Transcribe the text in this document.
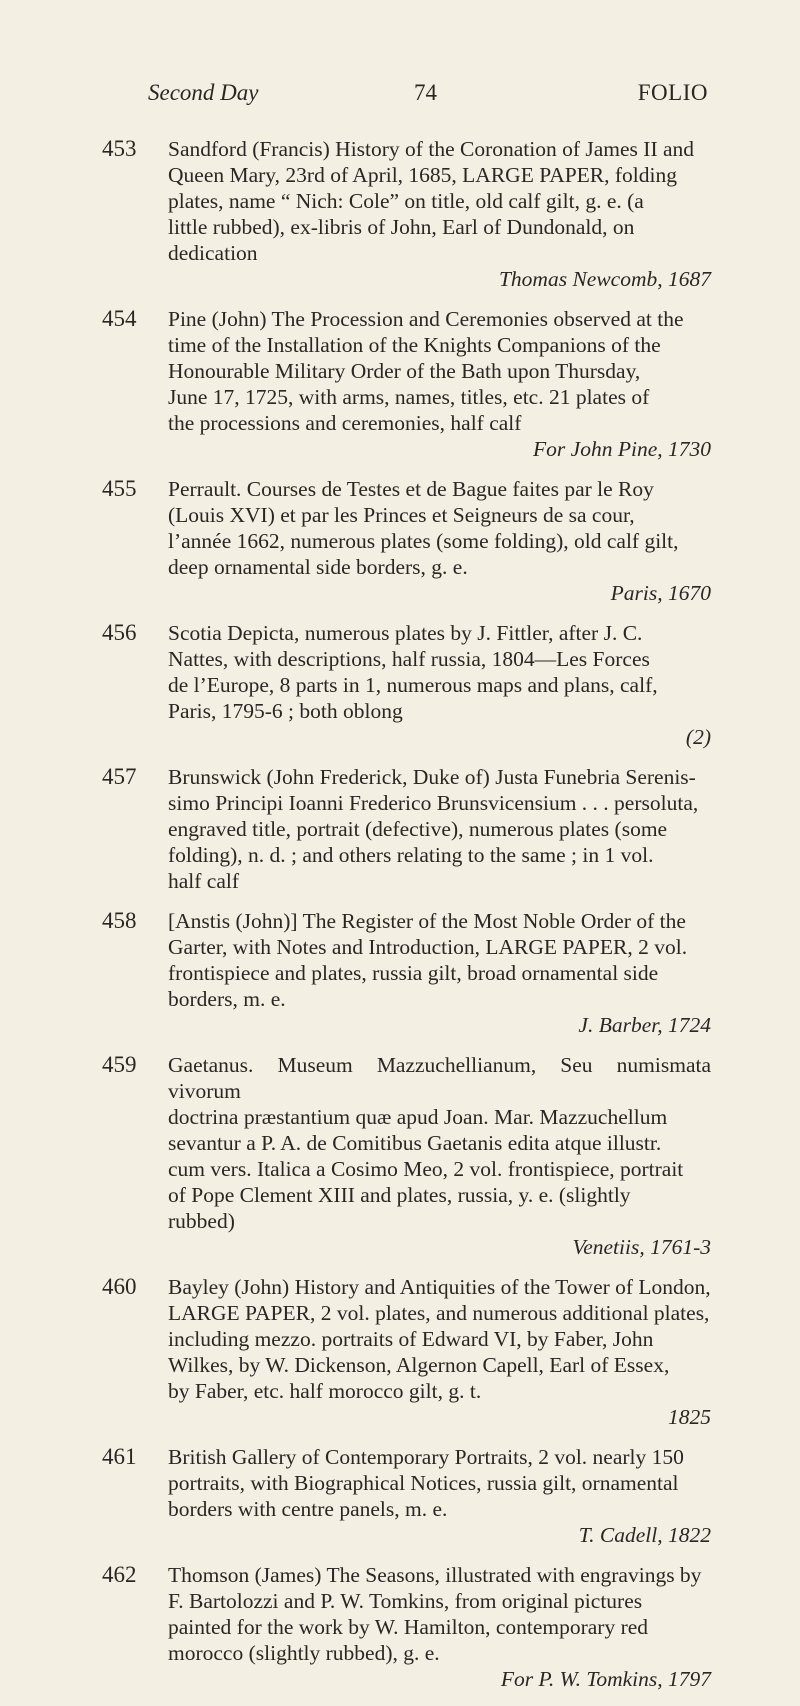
Second Day	74	FOLIO
453 Sandford (Francis) History of the Coronation of James II and
Queen Mary, 23rd of April, 1685, LARGE PAPER, folding
plates, name “ Nich: Cole” on title, old calf gilt, g. e. (a
little rubbed), ex-libris of John, Earl of Dundonald, on
dedication
Thomas Newcomb, 1687
454 Pine (John) The Procession and Ceremonies observed at the
time of the Installation of the Knights Companions of the
Honourable Military Order of the Bath upon Thursday,
June 17, 1725, with arms, names, titles, etc. 21 plates of
the processions and ceremonies, half calf
For John Pine, 1730
455 Perrault. Courses de Testes et de Bague faites par le Roy
(Louis XVI) et par les Princes et Seigneurs de sa cour,
l’année 1662, numerous plates (some folding), old calf gilt,
deep ornamental side borders, g. e.
Paris, 1670
456 Scotia Depicta, numerous plates by J. Fittler, after J. C.
Nattes, with descriptions, half russia, 1804—Les Forces
de l’Europe, 8 parts in 1, numerous maps and plans, calf,
Paris, 1795-6 ; both oblong
(2)
457 Brunswick (John Frederick, Duke of) Justa Funebria Serenis-
simo Principi Ioanni Frederico Brunsvicensium . . . persoluta,
engraved title, portrait (defective), numerous plates (some
folding), n. d. ; and others relating to the same ; in 1 vol.
half calf
458 [Anstis (John)] The Register of the Most Noble Order of the
Garter, with Notes and Introduction, LARGE PAPER, 2 vol.
frontispiece and plates, russia gilt, broad ornamental side
borders, m. e.
J. Barber, 1724
459 Gaetanus. Museum Mazzuchellianum, Seu numismata vivorum
doctrina præstantium quæ apud Joan. Mar. Mazzuchellum
sevantur a P. A. de Comitibus Gaetanis edita atque illustr.
cum vers. Italica a Cosimo Meo, 2 vol. frontispiece, portrait
of Pope Clement XIII and plates, russia, y. e. (slightly
rubbed)
Venetiis, 1761-3
460 Bayley (John) History and Antiquities of the Tower of London,
LARGE PAPER, 2 vol. plates, and numerous additional plates,
including mezzo. portraits of Edward VI, by Faber, John
Wilkes, by W. Dickenson, Algernon Capell, Earl of Essex,
by Faber, etc. half morocco gilt, g. t.
1825
461 British Gallery of Contemporary Portraits, 2 vol. nearly 150
portraits, with Biographical Notices, russia gilt, ornamental
borders with centre panels, m. e.
T. Cadell, 1822
462 Thomson (James) The Seasons, illustrated with engravings by
F. Bartolozzi and P. W. Tomkins, from original pictures
painted for the work by W. Hamilton, contemporary red
morocco (slightly rubbed), g. e.
For P. W. Tomkins, 1797
